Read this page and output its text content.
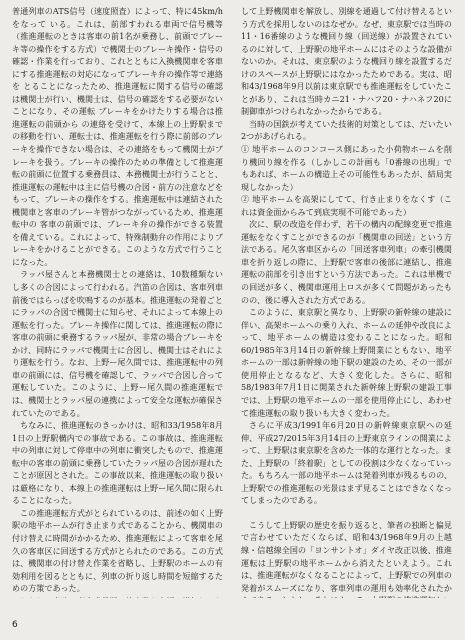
普通列車のATS信号（速度照査）によって、特に45km/hをなって いる。これは、前部すわれる車両で信号機等（推進運転のときは客車の前1名が乗務し、前頭でブレーキ等の操作をする方式）で機関士のブレーキ操作・信号の確認・作業を行っており、これとともに入換機関車を客車にする推進運転の対応になってブレーキ弁の操作等で連絡を とることになったため、推進運転に関する信号の確認は機関士が行い、機関士は、信号の確認をする必要がないことになり、その運転 ブレーキをかけたりする場合は推進運転の前頭から の連絡を受けて、本線上の上野駅までの移動を行い、運転士は、推進運転を行う際に前部のブレーキを操作できない場合は、その連絡をもって機関士がブレーキを扱う。ブレーキの操作のための準備として推進運転の前頭に位置する乗務員は、本務機関士が行うことと、推進運転の運転中は主に信号機の合図・前方の注意などをもって、ブレーキの操作をする。推進運転中は連結された機関車と客車のブレーキ管がつながっているため、推進運転中の 客車の前頭では、ブレーキ弁の操作ができる装置を備えている。これによって、特殊制動弁の作用によりブレーキをかけることができる。このような方式で行うことになった。

ラッパ屋さんと本務機関士との連絡は、10数種類ないし多くの合図によって行われる。汽笛の合図は、客車列車前後ではらっぱを吹鳴するのが基本。推進運転の発着ごとにラッパの合図で機関士に知らせ、それによって本線上の運転を行った。ブレーキ操作に関しては、推進運転の際に客車の前頭に乗務するラッパ屋が、非常の場合ブレーキをかけ、同時にラッパで機関士に合図し、機関士はそれにより運転を行う。なお、上野ー尾久間では、推進運転中の列車の前頭には、信号機を確認して、ラッパで合図し合って運転していた。このように、上野ー尾久間の推進運転では、機関士とラッパ屋の連携によって安全な運転が確保されていたのである。

ちなみに、推進運転のきっかけは、昭和33/1958年8月1日の上野駅構内での事故である。この事故は、推進運転中の列車に対して停車中の列車に衝突したもので、推進運転中の客車の前頭に乗務していたラッパ屋の合図が遅れたことが原因とされた。この事故以来、推進運転の取り扱いは厳格になり、本線上の推進運転は上野ー尾久間に限られることになった。

この推進運転方式がとられているのは、前述の如く上野駅の地平ホームが行き止まり式であることから、機関車の付け替えに時間がかかるため、推進運転によって客車を尾久の客車区に回送する方式がとられたのである。この方式は、機関車の付け替え作業を省略し、上野駅のホームの有効利用を図るとともに、列車の折り返し時間を短縮するための方策であった。

して上野機関車を解放し、別線を通過して付け替えるという方式を採用しないのはなぜか。なぜ、東京駅では当時の11・16番線のような機回り線（回送線）が設置されているのに対して、上野駅の地平ホームにはそのような設備がないのか。それは、東京駅のような機回り線を設置するだけのスペースが上野駅にはなかったためである。実は、昭和43/1968年9月以前は東京駅でも推進運転をしていたことがあり、これは当時カニ21・ナハフ20・ナハネフ20に制御車がつけられなかったからである。

当時の国鉄が考えていた技術的対策としては、だいたい2つがあげられる。

① 地平ホームのコンコース側にあった小荷物ホームを削り機回り線を作る（しかしこの計画も「0番線の出現」でもあれば、ホームの構造上その可能性もあったが、結局実現しなかった）

② 地平ホームを高架にしてて、行き止まりをなくす（これは資金面からみて到底実現不可能であった）

次に、駅の改造を伴わず、若干の構内の配線変更で推進運転をなくすことができるのが「機関車の回送」という方法である。尾久客車区からの「回送客車列車」の牽引機関車を折り返しの際に、上野駅で客車の後部に連結し、推進運転の前部を引き出すという方法であった。これは単機での回送が多く、機関車運用上ロスが多くて問題があったものの、後に導入された方式である。

このように、東京駅と異なり、上野駅の新幹線の建設に伴い、高架ホームへの乗り入れ、ホームの延伸や改良によって、地平ホームの構造は変わることになった。昭和60/1985年3月14日の新幹線上野開業にともない、地平ホームの一部は新幹線の地下駅の建設のため、その一部が使用停止となるなど、大きく変化した。さらに、昭和58/1983年7月1日に開業された新幹線上野駅の建設工事では、上野駅の地平ホームの一部を使用停止にし、あわせて推進運転の取り扱いも大きく変わった。

さらに平成3/1991年6月20日の新幹線東京駅への延伸、平成27/2015年3月14日の上野東京ラインの開業によって、上野駅は東京駅を含めた一体的な運行となった。また、上野駅の「終着駅」としての役割は少なくなっていった。もちろん一部の地平ホームは発着列車が残るものの、上野駅での推進運転の光景はまず見ることはできなくなってしまったのである。

こうして上野駅の歴史を振り返ると、筆者の独断と偏見で言わせていただくならば、昭和43/1968年9月の上越線・信越線全国の「ヨンサントオ」ダイヤ改正以後、推進運転は上野駅の地平ホームから消えたといえよう。これは、推進運転がなくなることによって、上野駅での列車の発着がスムーズになり、客車列車の運用も効率化されたか

6
